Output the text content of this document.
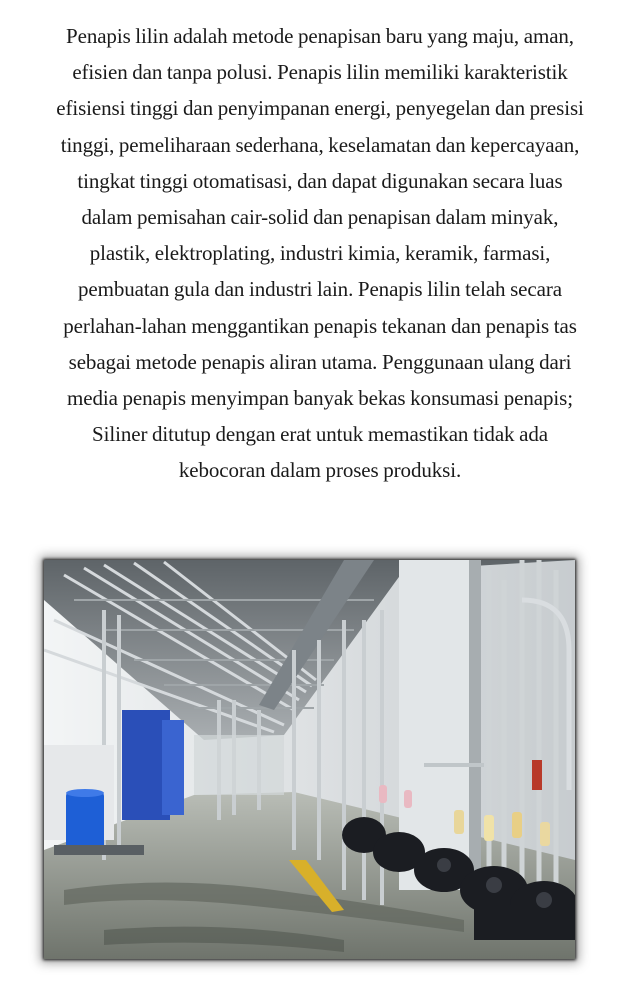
Penapis lilin adalah metode penapisan baru yang maju, aman,
efisien dan tanpa polusi. Penapis lilin memiliki karakteristik
efisiensi tinggi dan penyimpanan energi, penyegelan dan presisi
tinggi, pemeliharaan sederhana, keselamatan dan kepercayaan,
tingkat tinggi otomatisasi, dan dapat digunakan secara luas
dalam pemisahan cair-solid dan penapisan dalam minyak,
plastik, elektroplating, industri kimia, keramik, farmasi,
pembuatan gula dan industri lain. Penapis lilin telah secara
perlahan-lahan menggantikan penapis tekanan dan penapis tas
sebagai metode penapis aliran utama. Penggunaan ulang dari
media penapis menyimpan banyak bekas konsumasi penapis;
Siliner ditutup dengan erat untuk memastikan tidak ada
kebocoran dalam proses produksi.
